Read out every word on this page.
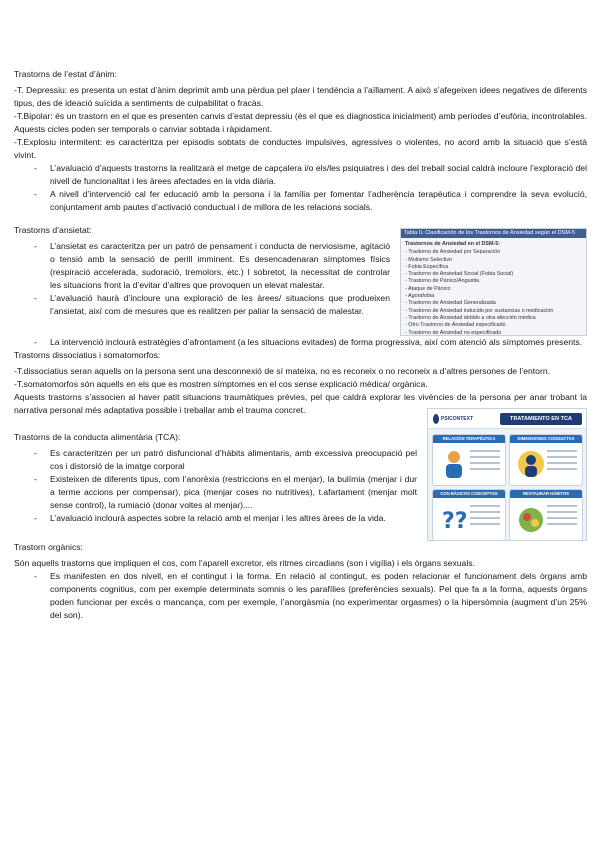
Trastorns de l’estat d’ànim:

-T. Depressiu: es presenta un estat d’ànim deprimit amb una pèrdua pel plaer i tendència a l’aïllament. A això s’afegeixen idees negatives de diferents tipus, des de ideació suïcida a sentiments de culpabilitat o fracàs.

-T.Bipolar: és un trastorn en el que es presenten canvis d’estat depressiu (és el que es diagnostica inicialment) amb períodes d’eufòria, incontrolables. Aquests cicles poden ser temporals o canviar sobtada i ràpidament.

-T.Explosiu intermitent: es caracteritza per episodis sobtats de conductes impulsives, agressives o violentes, no acord amb la situació que s’està vivint.

- L’avaluació d’aquests trastorns la realitzarà el metge de capçalera i/o els/les psiquiatres i des del treball social caldrà incloure l’exploració del nivell de funcionalitat i les àrees afectades en la vida diària.
- A nivell d’intervenció cal fer educació amb la persona i la família per fomentar l’adherència terapèutica i comprendre la seva evolució, conjuntament amb pautes d’activació conductual i de millora de les relacions socials.
Trastorns d’ansietat:	Tabla II. Clasificación de los Trastornos de Ansiedad según el DSM-5
Trastornos de Ansiedad en el DSM-5:
- Trastorno de Ansiedad por Separación
- Mutismo Selectivo
- Fobia Específica
- Trastorno de Ansiedad Social (Fobia Social)
- Trastorno de Pánico/Angustia
- Ataque de Pánico
- Agorafobia
- Trastorno de Ansiedad Generalizada
- Trastorno de Ansiedad inducido por sustancias o medicación
- Trastorno de Ansiedad debido a otra afección médica
- Otro Trastorno de Ansiedad especificado
- Trastorno de Ansiedad no especificado
- L’ansietat es caracteritza per un patró de pensament i conducta de nerviosisme, agitació o tensió amb la sensació de perill imminent. Es desencadenaran símptomes físics (respiració accelerada, sudoració, tremolors, etc.) I sobretot, la necessitat de controlar les situacions front la d’evitar d’altres que provoquen un elevat malestar.
- L’avaluació haurà d’incloure una exploració de les àrees/ situacions que produeixen l’ansietat, així com de mesures que es realitzen per paliar la sensació de malestar.
- La intervenció inclourà estratègies d’afrontament (a les situacions evitades) de forma progressiva, així com atenció als símptomes presents.
Trastorns dissociatius i somatomorfos:

-T.dissociatius seran aquells on la persona sent una desconnexió de sí mateixa, no es reconeix o no reconeix a d’altres persones de l’entorn.

-T.somatomorfos són aquells en els que es mostren símptomes en el cos sense explicació mèdica/ orgànica.

Aquests trastorns s’associen al haver patit situacions traumàtiques prèvies, pel que caldrà explorar les vivències de la persona per anar trobant la narrativa personal més adaptativa possible i treballar amb el trauma concret.

PSICONTEXT	TRATAMIENTO EN TCA
RELACIÓN TERAPÉUTICA	DIMENSIONES CONDUCTAS
CON BÁSICOS CONCEPTOS
??
RESTAURAR HÁBITOS
Trastorns de la conducta alimentària (TCA):
- Es caracteritzen per un patró disfuncional d’hàbits alimentaris, amb excessiva preocupació pel cos i distorsió de la imatge corporal
- Existeixen de diferents tipus, com l’anorèxia (restriccions en el menjar), la bulímia (menjar i dur a terme accions per compensar), pica (menjar coses no nutritives), t.afartament (menjar molt sense control), la rumiació (donar voltes al menjar)....
- L’avaluació inclourà aspectes sobre la relació amb el menjar i les altres àrees de la vida.
Trastorn orgànics:

Són aquells trastorns que impliquen el cos, com l’aparell excretor, els ritmes circadians (son i vigília) i els òrgans sexuals.

- Es manifesten en dos nivell, en el contingut i la forma. En relació al contingut, es poden relacionar el funcionament dels òrgans amb components cognitius, com per exemple determinats somnis o les parafílies (preferències sexuals). Pel que fa a la forma, aquests òrgans poden funcionar per excés o mancança, com per exemple, l’anorgàsmia (no experimentar orgasmes) o la hipersòmnia (augment d’un 25% del son).
